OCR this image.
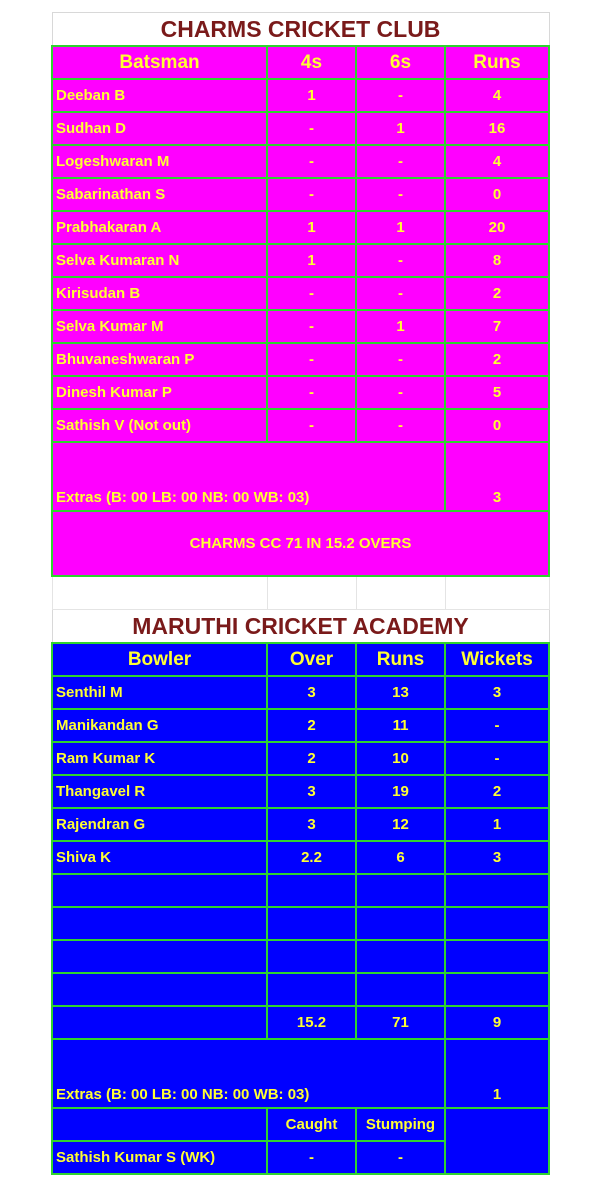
CHARMS CRICKET CLUB			
Batsman	4s	6s	Runs
Deeban B	1	-	4
Sudhan D	-	1	16
Logeshwaran M	-	-	4
Sabarinathan S	-	-	0
Prabhakaran A	1	1	20
Selva Kumaran N	1	-	8
Kirisudan B	-	-	2
Selva Kumar M	-	1	7
Bhuvaneshwaran P	-	-	2
Dinesh Kumar P	-	-	5
Sathish V (Not out)	-	-	0
Extras (B: 00 LB: 00 NB: 00 WB: 03)			3
CHARMS CC 71 IN 15.2 OVERS			

MARUTHI CRICKET ACADEMY			
Bowler	Over	Runs	Wickets
Senthil M	3	13	3
Manikandan G	2	11	-
Ram Kumar K	2	10	-
Thangavel R	3	19	2
Rajendran G	3	12	1
Shiva K	2.2	6	3

	15.2	71	9
Extras (B: 00 LB: 00 NB: 00 WB: 03)			1
	Caught	Stumping	
Sathish Kumar S (WK)	-	-	
